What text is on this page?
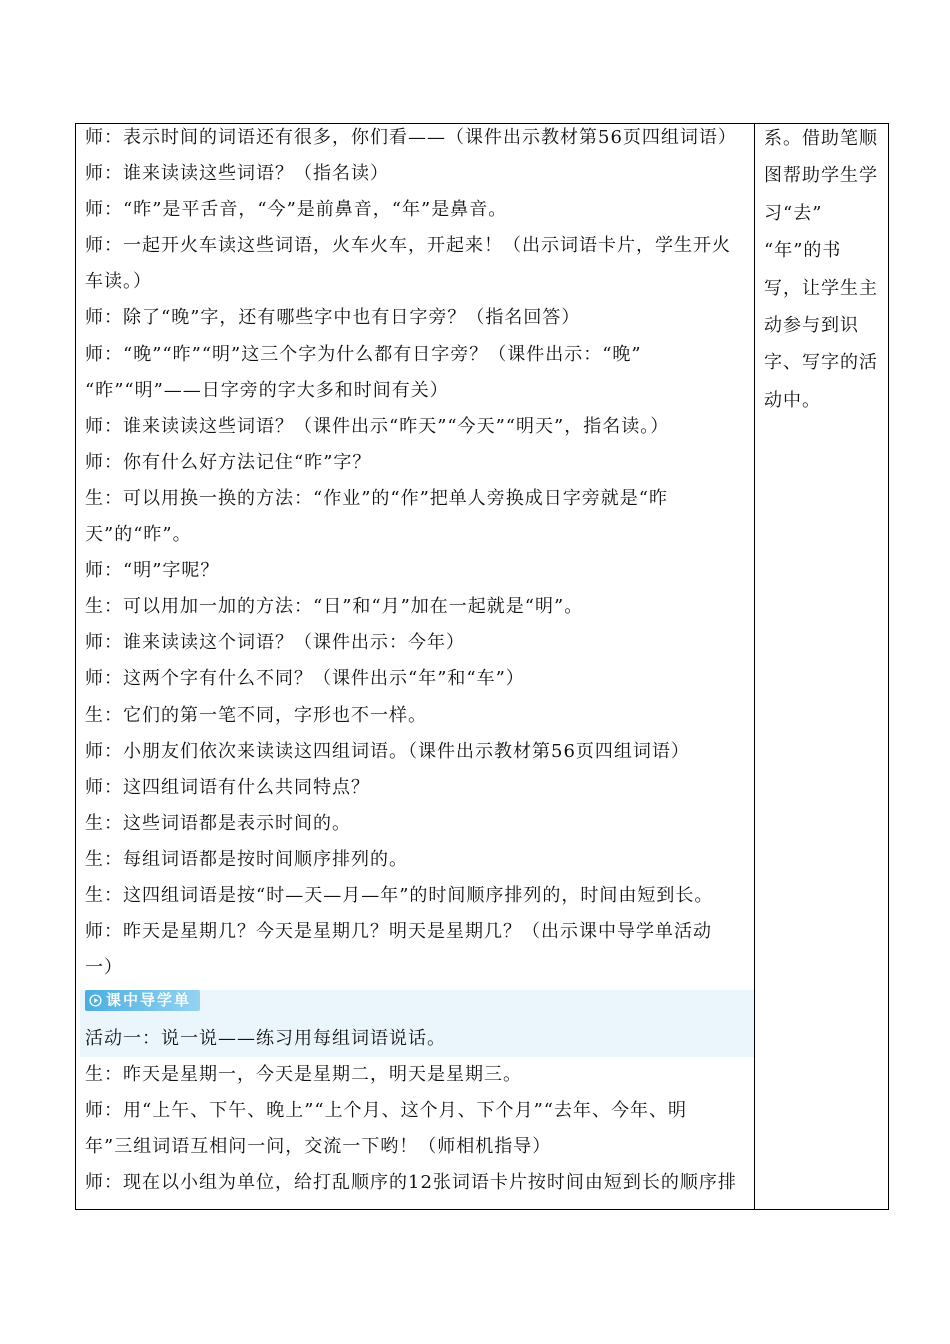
师：表示时间的词语还有很多，你们看——（课件出示教材第56页四组词语）
师：谁来读读这些词语？（指名读）
师：“昨”是平舌音，“今”是前鼻音，“年”是鼻音。
师：一起开火车读这些词语，火车火车，开起来！（出示词语卡片，学生开火
车读。）
师：除了“晚”字，还有哪些字中也有日字旁？（指名回答）
师：“晚”“昨”“明”这三个字为什么都有日字旁？（课件出示：“晚”
“昨”“明”——日字旁的字大多和时间有关）
师：谁来读读这些词语？（课件出示“昨天”“今天”“明天”，指名读。）
师：你有什么好方法记住“昨”字？
生：可以用换一换的方法：“作业”的“作”把单人旁换成日字旁就是“昨
天”的“昨”。
师：“明”字呢？
生：可以用加一加的方法：“日”和“月”加在一起就是“明”。
师：谁来读读这个词语？（课件出示：今年）
师：这两个字有什么不同？（课件出示“年”和“车”）
生：它们的第一笔不同，字形也不一样。
师：小朋友们依次来读读这四组词语。（课件出示教材第56页四组词语）
师：这四组词语有什么共同特点？
生：这些词语都是表示时间的。
生：每组词语都是按时间顺序排列的。
生：这四组词语是按“时—天—月—年”的时间顺序排列的，时间由短到长。
师：昨天是星期几？今天是星期几？明天是星期几？（出示课中导学单活动
一）
课中导学单
活动一：说一说——练习用每组词语说话。
生：昨天是星期一，今天是星期二，明天是星期三。
师：用“上午、下午、晚上”“上个月、这个月、下个月”“去年、今年、明
年”三组词语互相问一问，交流一下哟！（师相机指导）
师：现在以小组为单位，给打乱顺序的12张词语卡片按时间由短到长的顺序排
系。借助笔顺
图帮助学生学
习“去”
“年”的书
写，让学生主
动参与到识
字、写字的活
动中。
